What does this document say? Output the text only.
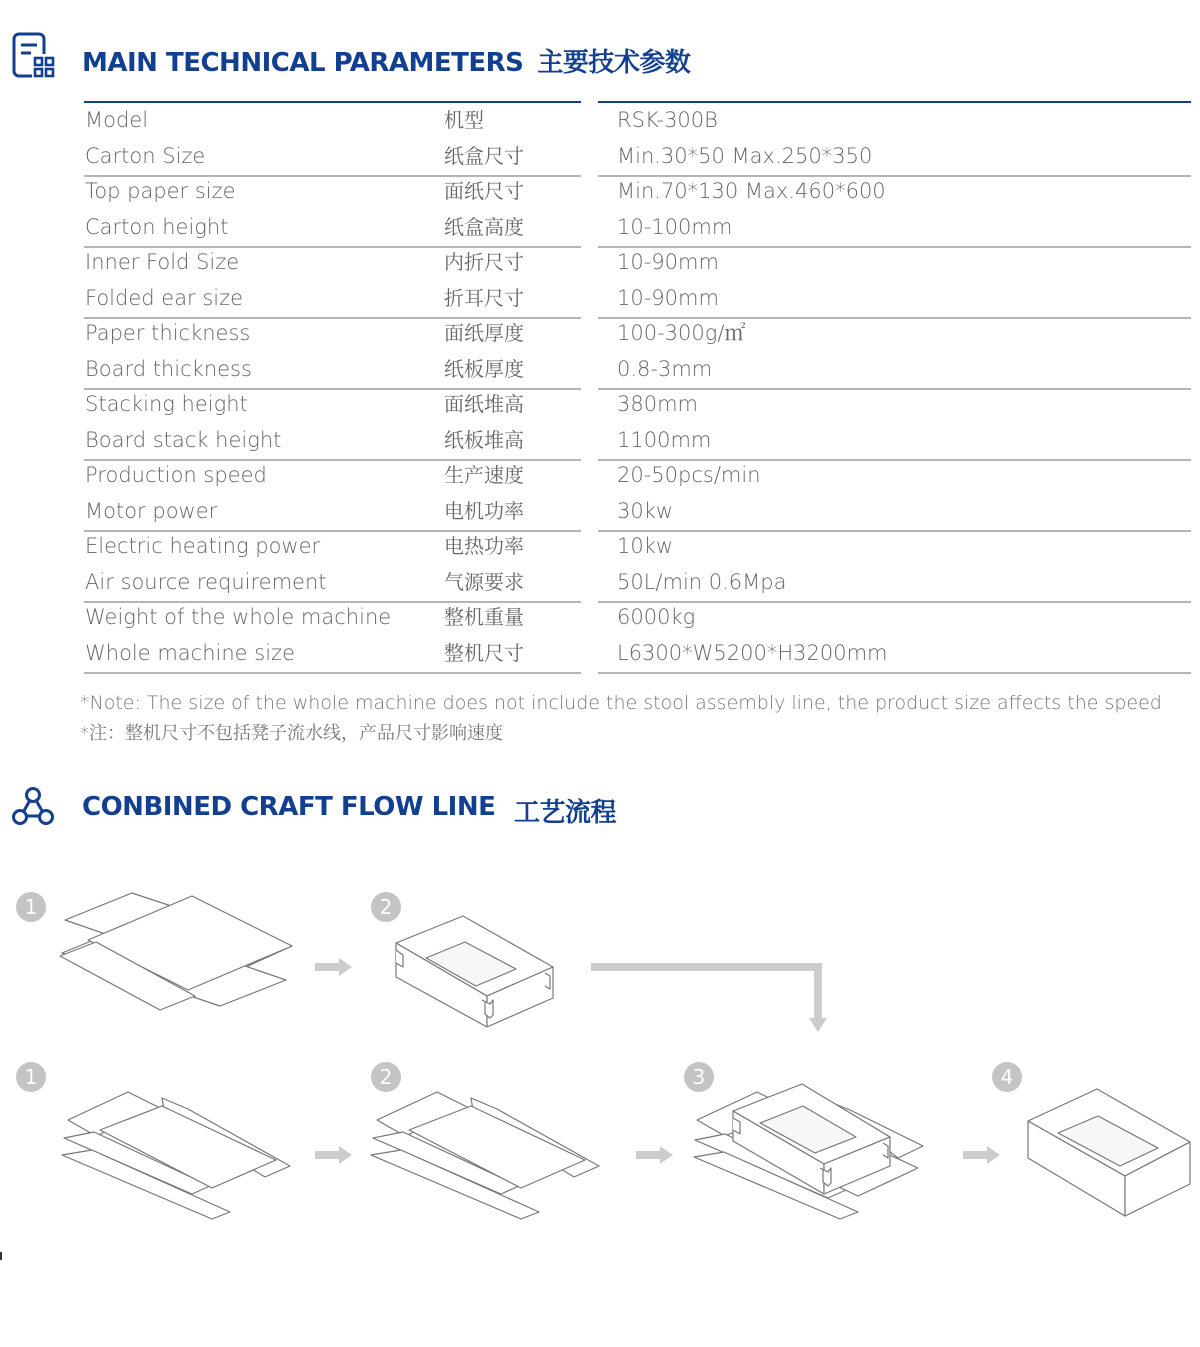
MAIN TECHNICAL PARAMETERS 主要技术参数
Model	机型	RSK-300B
Carton Size	纸盒尺寸	Min.30*50 Max.250*350
Top paper size	面纸尺寸	Min.70*130 Max.460*600
Carton height	纸盒高度	10-100mm
Inner Fold Size	内折尺寸	10-90mm
Folded ear size	折耳尺寸	10-90mm
Paper thickness	面纸厚度	100-300g/㎡
Board thickness	纸板厚度	0.8-3mm
Stacking height	面纸堆高	380mm
Board stack height	纸板堆高	1100mm
Production speed	生产速度	20-50pcs/min
Motor power	电机功率	30kw
Electric heating power	电热功率	10kw
Air source requirement	气源要求	50L/min 0.6Mpa
Weight of the whole machine	整机重量	6000kg
Whole machine size	整机尺寸	L6300*W5200*H3200mm
*Note: The size of the whole machine does not include the stool assembly line, the product size affects the speed
*注：整机尺寸不包括凳子流水线，产品尺寸影响速度
CONBINED CRAFT FLOW LINE 工艺流程
1	2
1	2	3	4
